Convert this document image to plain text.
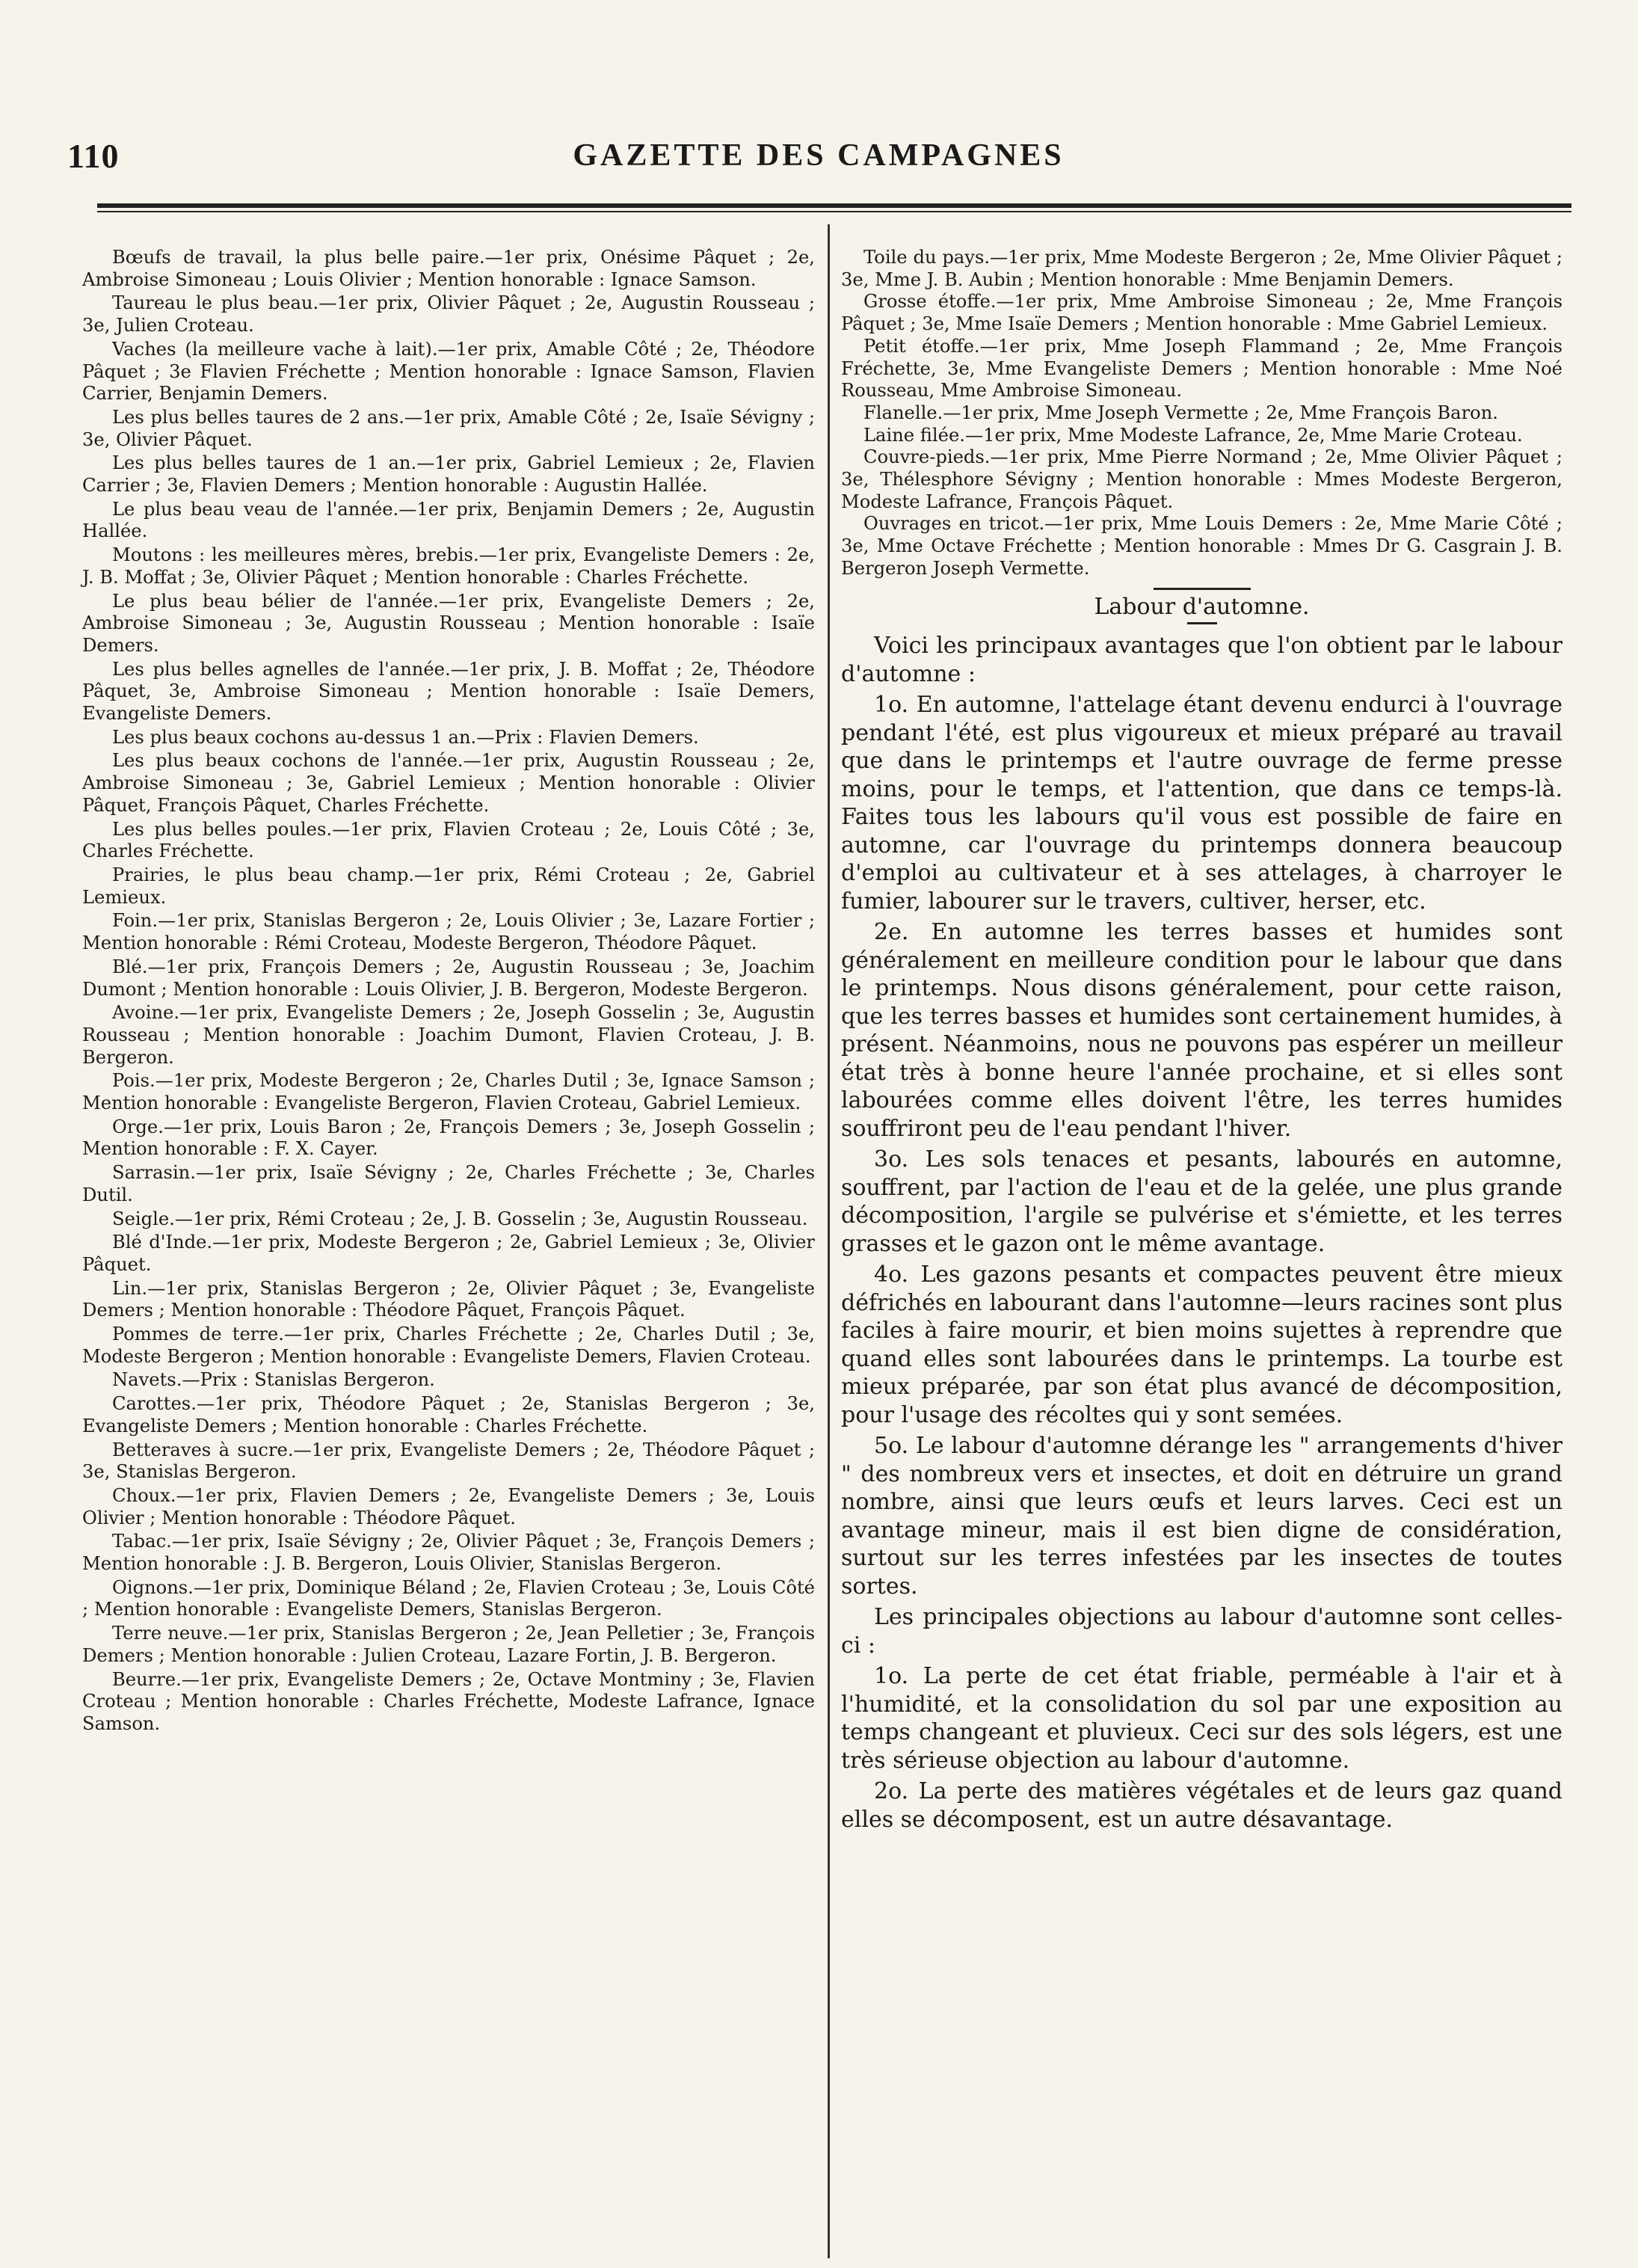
110	GAZETTE DES CAMPAGNES

Bœufs de travail, la plus belle paire.—1er prix, Onésime Pâquet ; 2e, Ambroise Simoneau ; Louis Olivier ; Mention honorable : Ignace Samson.

Taureau le plus beau.—1er prix, Olivier Pâquet ; 2e, Augustin Rousseau ; 3e, Julien Croteau.

Vaches (la meilleure vache à lait).—1er prix, Amable Côté ; 2e, Théodore Pâquet ; 3e Flavien Fréchette ; Mention honorable : Ignace Samson, Flavien Carrier, Benjamin Demers.

Les plus belles taures de 2 ans.—1er prix, Amable Côté ; 2e, Isaïe Sévigny ; 3e, Olivier Pâquet.

Les plus belles taures de 1 an.—1er prix, Gabriel Lemieux ; 2e, Flavien Carrier ; 3e, Flavien Demers ; Mention honorable : Augustin Hallée.

Le plus beau veau de l'année.—1er prix, Benjamin Demers ; 2e, Augustin Hallée.

Moutons : les meilleures mères, brebis.—1er prix, Evangeliste Demers : 2e, J. B. Moffat ; 3e, Olivier Pâquet ; Mention honorable : Charles Fréchette.

Le plus beau bélier de l'année.—1er prix, Evangeliste Demers ; 2e, Ambroise Simoneau ; 3e, Augustin Rousseau ; Mention honorable : Isaïe Demers.

Les plus belles agnelles de l'année.—1er prix, J. B. Moffat ; 2e, Théodore Pâquet, 3e, Ambroise Simoneau ; Mention honorable : Isaïe Demers, Evangeliste Demers.

Les plus beaux cochons au-dessus 1 an.—Prix : Flavien Demers.

Les plus beaux cochons de l'année.—1er prix, Augustin Rousseau ; 2e, Ambroise Simoneau ; 3e, Gabriel Lemieux ; Mention honorable : Olivier Pâquet, François Pâquet, Charles Fréchette.

Les plus belles poules.—1er prix, Flavien Croteau ; 2e, Louis Côté ; 3e, Charles Fréchette.

Prairies, le plus beau champ.—1er prix, Rémi Croteau ; 2e, Gabriel Lemieux.

Foin.—1er prix, Stanislas Bergeron ; 2e, Louis Olivier ; 3e, Lazare Fortier ; Mention honorable : Rémi Croteau, Modeste Bergeron, Théodore Pâquet.

Blé.—1er prix, François Demers ; 2e, Augustin Rousseau ; 3e, Joachim Dumont ; Mention honorable : Louis Olivier, J. B. Bergeron, Modeste Bergeron.

Avoine.—1er prix, Evangeliste Demers ; 2e, Joseph Gosselin ; 3e, Augustin Rousseau ; Mention honorable : Joachim Dumont, Flavien Croteau, J. B. Bergeron.

Pois.—1er prix, Modeste Bergeron ; 2e, Charles Dutil ; 3e, Ignace Samson ; Mention honorable : Evangeliste Bergeron, Flavien Croteau, Gabriel Lemieux.

Orge.—1er prix, Louis Baron ; 2e, François Demers ; 3e, Joseph Gosselin ; Mention honorable : F. X. Cayer.

Sarrasin.—1er prix, Isaïe Sévigny ; 2e, Charles Fréchette ; 3e, Charles Dutil.

Seigle.—1er prix, Rémi Croteau ; 2e, J. B. Gosselin ; 3e, Augustin Rousseau.

Blé d'Inde.—1er prix, Modeste Bergeron ; 2e, Gabriel Lemieux ; 3e, Olivier Pâquet.

Lin.—1er prix, Stanislas Bergeron ; 2e, Olivier Pâquet ; 3e, Evangeliste Demers ; Mention honorable : Théodore Pâquet, François Pâquet.

Pommes de terre.—1er prix, Charles Fréchette ; 2e, Charles Dutil ; 3e, Modeste Bergeron ; Mention honorable : Evangeliste Demers, Flavien Croteau.

Navets.—Prix : Stanislas Bergeron.

Carottes.—1er prix, Théodore Pâquet ; 2e, Stanislas Bergeron ; 3e, Evangeliste Demers ; Mention honorable : Charles Fréchette.

Betteraves à sucre.—1er prix, Evangeliste Demers ; 2e, Théodore Pâquet ; 3e, Stanislas Bergeron.

Choux.—1er prix, Flavien Demers ; 2e, Evangeliste Demers ; 3e, Louis Olivier ; Mention honorable : Théodore Pâquet.

Tabac.—1er prix, Isaïe Sévigny ; 2e, Olivier Pâquet ; 3e, François Demers ; Mention honorable : J. B. Bergeron, Louis Olivier, Stanislas Bergeron.

Oignons.—1er prix, Dominique Béland ; 2e, Flavien Croteau ; 3e, Louis Côté ; Mention honorable : Evangeliste Demers, Stanislas Bergeron.

Terre neuve.—1er prix, Stanislas Bergeron ; 2e, Jean Pelletier ; 3e, François Demers ; Mention honorable : Julien Croteau, Lazare Fortin, J. B. Bergeron.

Beurre.—1er prix, Evangeliste Demers ; 2e, Octave Montminy ; 3e, Flavien Croteau ; Mention honorable : Charles Fréchette, Modeste Lafrance, Ignace Samson.

Toile du pays.—1er prix, Mme Modeste Bergeron ; 2e, Mme Olivier Pâquet ; 3e, Mme J. B. Aubin ; Mention honorable : Mme Benjamin Demers.

Grosse étoffe.—1er prix, Mme Ambroise Simoneau ; 2e, Mme François Pâquet ; 3e, Mme Isaïe Demers ; Mention honorable : Mme Gabriel Lemieux.

Petit étoffe.—1er prix, Mme Joseph Flammand ; 2e, Mme François Fréchette, 3e, Mme Evangeliste Demers ; Mention honorable : Mme Noé Rousseau, Mme Ambroise Simoneau.

Flanelle.—1er prix, Mme Joseph Vermette ; 2e, Mme François Baron.

Laine filée.—1er prix, Mme Modeste Lafrance, 2e, Mme Marie Croteau.

Couvre-pieds.—1er prix, Mme Pierre Normand ; 2e, Mme Olivier Pâquet ; 3e, Thélesphore Sévigny ; Mention honorable : Mmes Modeste Bergeron, Modeste Lafrance, François Pâquet.

Ouvrages en tricot.—1er prix, Mme Louis Demers : 2e, Mme Marie Côté ; 3e, Mme Octave Fréchette ; Mention honorable : Mmes Dr G. Casgrain J. B. Bergeron Joseph Vermette.

Labour d'automne.

Voici les principaux avantages que l'on obtient par le labour d'automne :

1o. En automne, l'attelage étant devenu endurci à l'ouvrage pendant l'été, est plus vigoureux et mieux préparé au travail que dans le printemps et l'autre ouvrage de ferme presse moins, pour le temps, et l'attention, que dans ce temps-là. Faites tous les labours qu'il vous est possible de faire en automne, car l'ouvrage du printemps donnera beaucoup d'emploi au cultivateur et à ses attelages, à charroyer le fumier, labourer sur le travers, cultiver, herser, etc.

2e. En automne les terres basses et humides sont généralement en meilleure condition pour le labour que dans le printemps. Nous disons généralement, pour cette raison, que les terres basses et humides sont certainement humides, à présent. Néanmoins, nous ne pouvons pas espérer un meilleur état très à bonne heure l'année prochaine, et si elles sont labourées comme elles doivent l'être, les terres humides souffriront peu de l'eau pendant l'hiver.

3o. Les sols tenaces et pesants, labourés en automne, souffrent, par l'action de l'eau et de la gelée, une plus grande décomposition, l'argile se pulvérise et s'émiette, et les terres grasses et le gazon ont le même avantage.

4o. Les gazons pesants et compactes peuvent être mieux défrichés en labourant dans l'automne—leurs racines sont plus faciles à faire mourir, et bien moins sujettes à reprendre que quand elles sont labourées dans le printemps. La tourbe est mieux préparée, par son état plus avancé de décomposition, pour l'usage des récoltes qui y sont semées.

5o. Le labour d'automne dérange les " arrangements d'hiver " des nombreux vers et insectes, et doit en détruire un grand nombre, ainsi que leurs œufs et leurs larves. Ceci est un avantage mineur, mais il est bien digne de considération, surtout sur les terres infestées par les insectes de toutes sortes.

Les principales objections au labour d'automne sont celles-ci :

1o. La perte de cet état friable, perméable à l'air et à l'humidité, et la consolidation du sol par une exposition au temps changeant et pluvieux. Ceci sur des sols légers, est une très sérieuse objection au labour d'automne.

2o. La perte des matières végétales et de leurs gaz quand elles se décomposent, est un autre désavantage.
